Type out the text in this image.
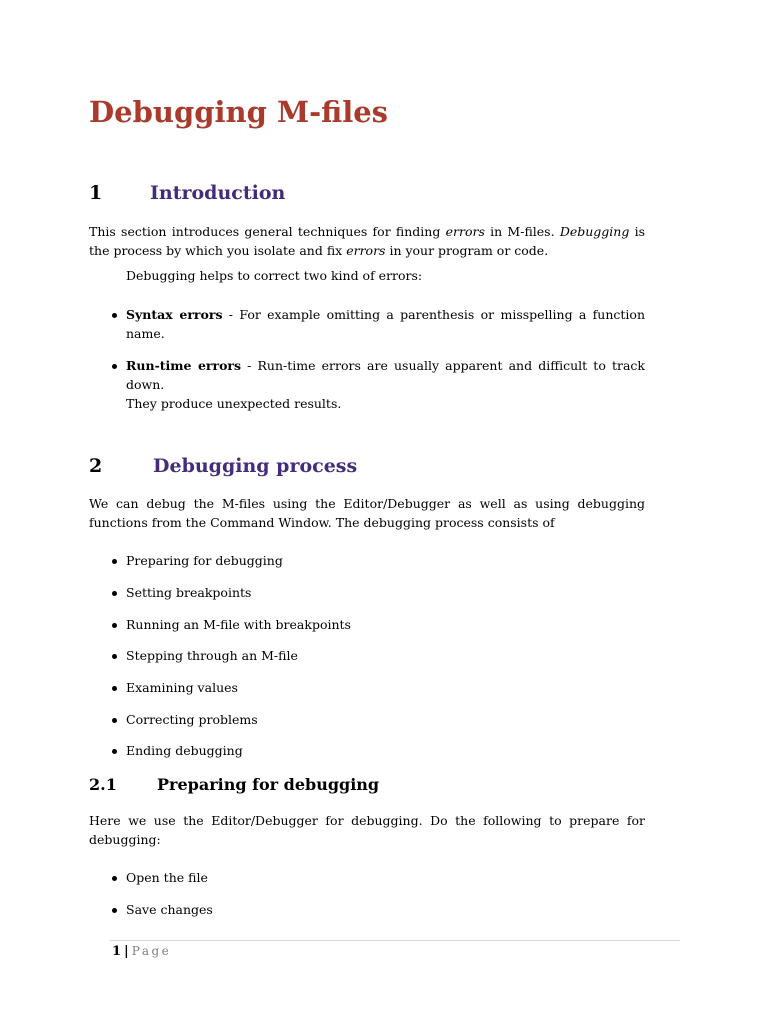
Debugging M-files
1	Introduction

This section introduces general techniques for finding errors in M-files. Debugging is the process by which you isolate and fix errors in your program or code.

Debugging helps to correct two kind of errors:

Syntax errors - For example omitting a parenthesis or misspelling a function name.

Run-time errors - Run-time errors are usually apparent and difficult to track down.

They produce unexpected results.

2	Debugging process

We can debug the M-files using the Editor/Debugger as well as using debugging functions from the Command Window. The debugging process consists of

Preparing for debugging

Setting breakpoints

Running an M-file with breakpoints

Stepping through an M-file

Examining values

Correcting problems

Ending debugging

2.1	Preparing for debugging

Here we use the Editor/Debugger for debugging. Do the following to prepare for debugging:

Open the file

Save changes

1 | Page
